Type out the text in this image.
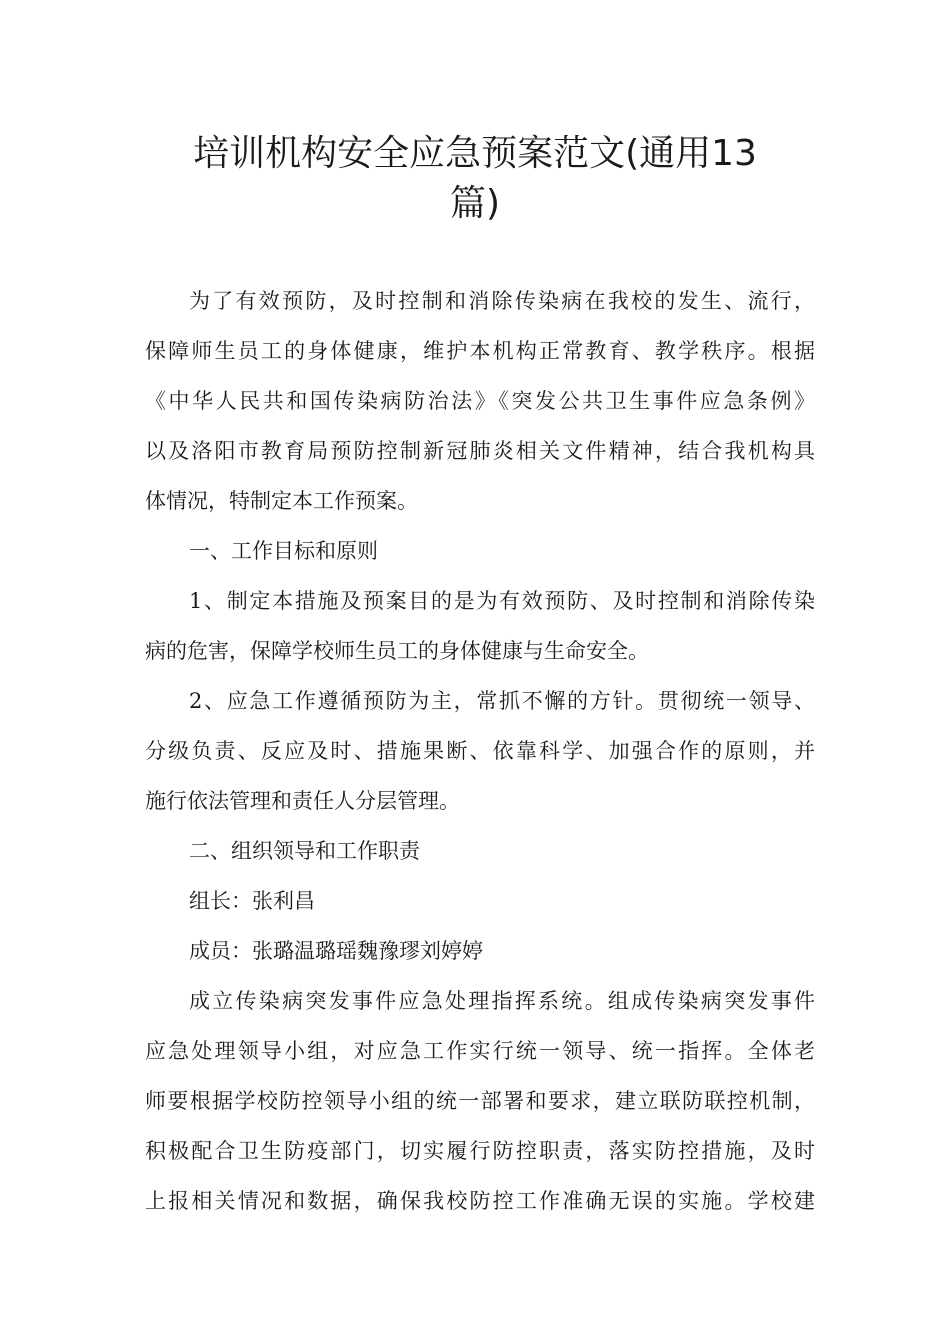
培训机构安全应急预案范文(通用13
篇)
为了有效预防，及时控制和消除传染病在我校的发生、流行，
保障师生员工的身体健康，维护本机构正常教育、教学秩序。根据
《中华人民共和国传染病防治法》《突发公共卫生事件应急条例》
以及洛阳市教育局预防控制新冠肺炎相关文件精神，结合我机构具
体情况，特制定本工作预案。
一、工作目标和原则
1、制定本措施及预案目的是为有效预防、及时控制和消除传染
病的危害，保障学校师生员工的身体健康与生命安全。
2、应急工作遵循预防为主，常抓不懈的方针。贯彻统一领导、
分级负责、反应及时、措施果断、依靠科学、加强合作的原则，并
施行依法管理和责任人分层管理。
二、组织领导和工作职责
组长：张利昌
成员：张璐温璐瑶魏豫璆刘婷婷
成立传染病突发事件应急处理指挥系统。组成传染病突发事件
应急处理领导小组，对应急工作实行统一领导、统一指挥。全体老
师要根据学校防控领导小组的统一部署和要求，建立联防联控机制，
积极配合卫生防疫部门，切实履行防控职责，落实防控措施，及时
上报相关情况和数据，确保我校防控工作准确无误的实施。学校建
